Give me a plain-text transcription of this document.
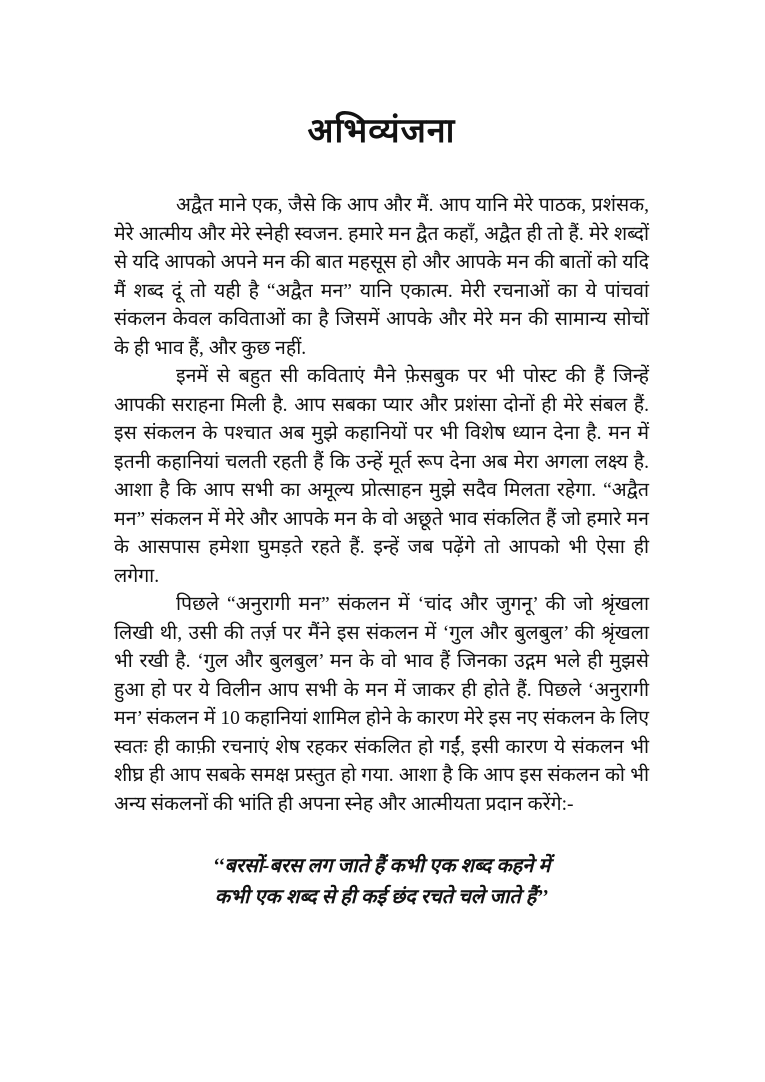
अभिव्यंजना

अद्वैत माने एक, जैसे कि आप और मैं. आप यानि मेरे पाठक, प्रशंसक, मेरे आत्मीय और मेरे स्नेही स्वजन. हमारे मन द्वैत कहाँ, अद्वैत ही तो हैं. मेरे शब्दों से यदि आपको अपने मन की बात महसूस हो और आपके मन की बातों को यदि मैं शब्द दूं तो यही है “अद्वैत मन” यानि एकात्म. मेरी रचनाओं का ये पांचवां संकलन केवल कविताओं का है जिसमें आपके और मेरे मन की सामान्य सोचों के ही भाव हैं, और कुछ नहीं.

इनमें से बहुत सी कविताएं मैने फ़ेसबुक पर भी पोस्ट की हैं जिन्हें आपकी सराहना मिली है. आप सबका प्यार और प्रशंसा दोनों ही मेरे संबल हैं. इस संकलन के पश्चात अब मुझे कहानियों पर भी विशेष ध्यान देना है. मन में इतनी कहानियां चलती रहती हैं कि उन्हें मूर्त रूप देना अब मेरा अगला लक्ष्य है. आशा है कि आप सभी का अमूल्य प्रोत्साहन मुझे सदैव मिलता रहेगा. “अद्वैत मन” संकलन में मेरे और आपके मन के वो अछूते भाव संकलित हैं जो हमारे मन के आसपास हमेशा घुमड़ते रहते हैं. इन्हें जब पढ़ेंगे तो आपको भी ऐसा ही लगेगा.

पिछले “अनुरागी मन” संकलन में ‘चांद और जुगनू’ की जो श्रृंखला लिखी थी, उसी की तर्ज़ पर मैंने इस संकलन में ‘गुल और बुलबुल’ की श्रृंखला भी रखी है. ‘गुल और बुलबुल’ मन के वो भाव हैं जिनका उद्गम भले ही मुझसे हुआ हो पर ये विलीन आप सभी के मन में जाकर ही होते हैं. पिछले ‘अनुरागी मन’ संकलन में 10 कहानियां शामिल होने के कारण मेरे इस नए संकलन के लिए स्वतः ही काफ़ी रचनाएं शेष रहकर संकलित हो गईं, इसी कारण ये संकलन भी शीघ्र ही आप सबके समक्ष प्रस्तुत हो गया. आशा है कि आप इस संकलन को भी अन्य संकलनों की भांति ही अपना स्नेह और आत्मीयता प्रदान करेंगे:-

‘‘बरसों-बरस लग जाते हैं कभी एक शब्द कहने में
कभी एक शब्द से ही कई छंद रचते चले जाते हैं’’
